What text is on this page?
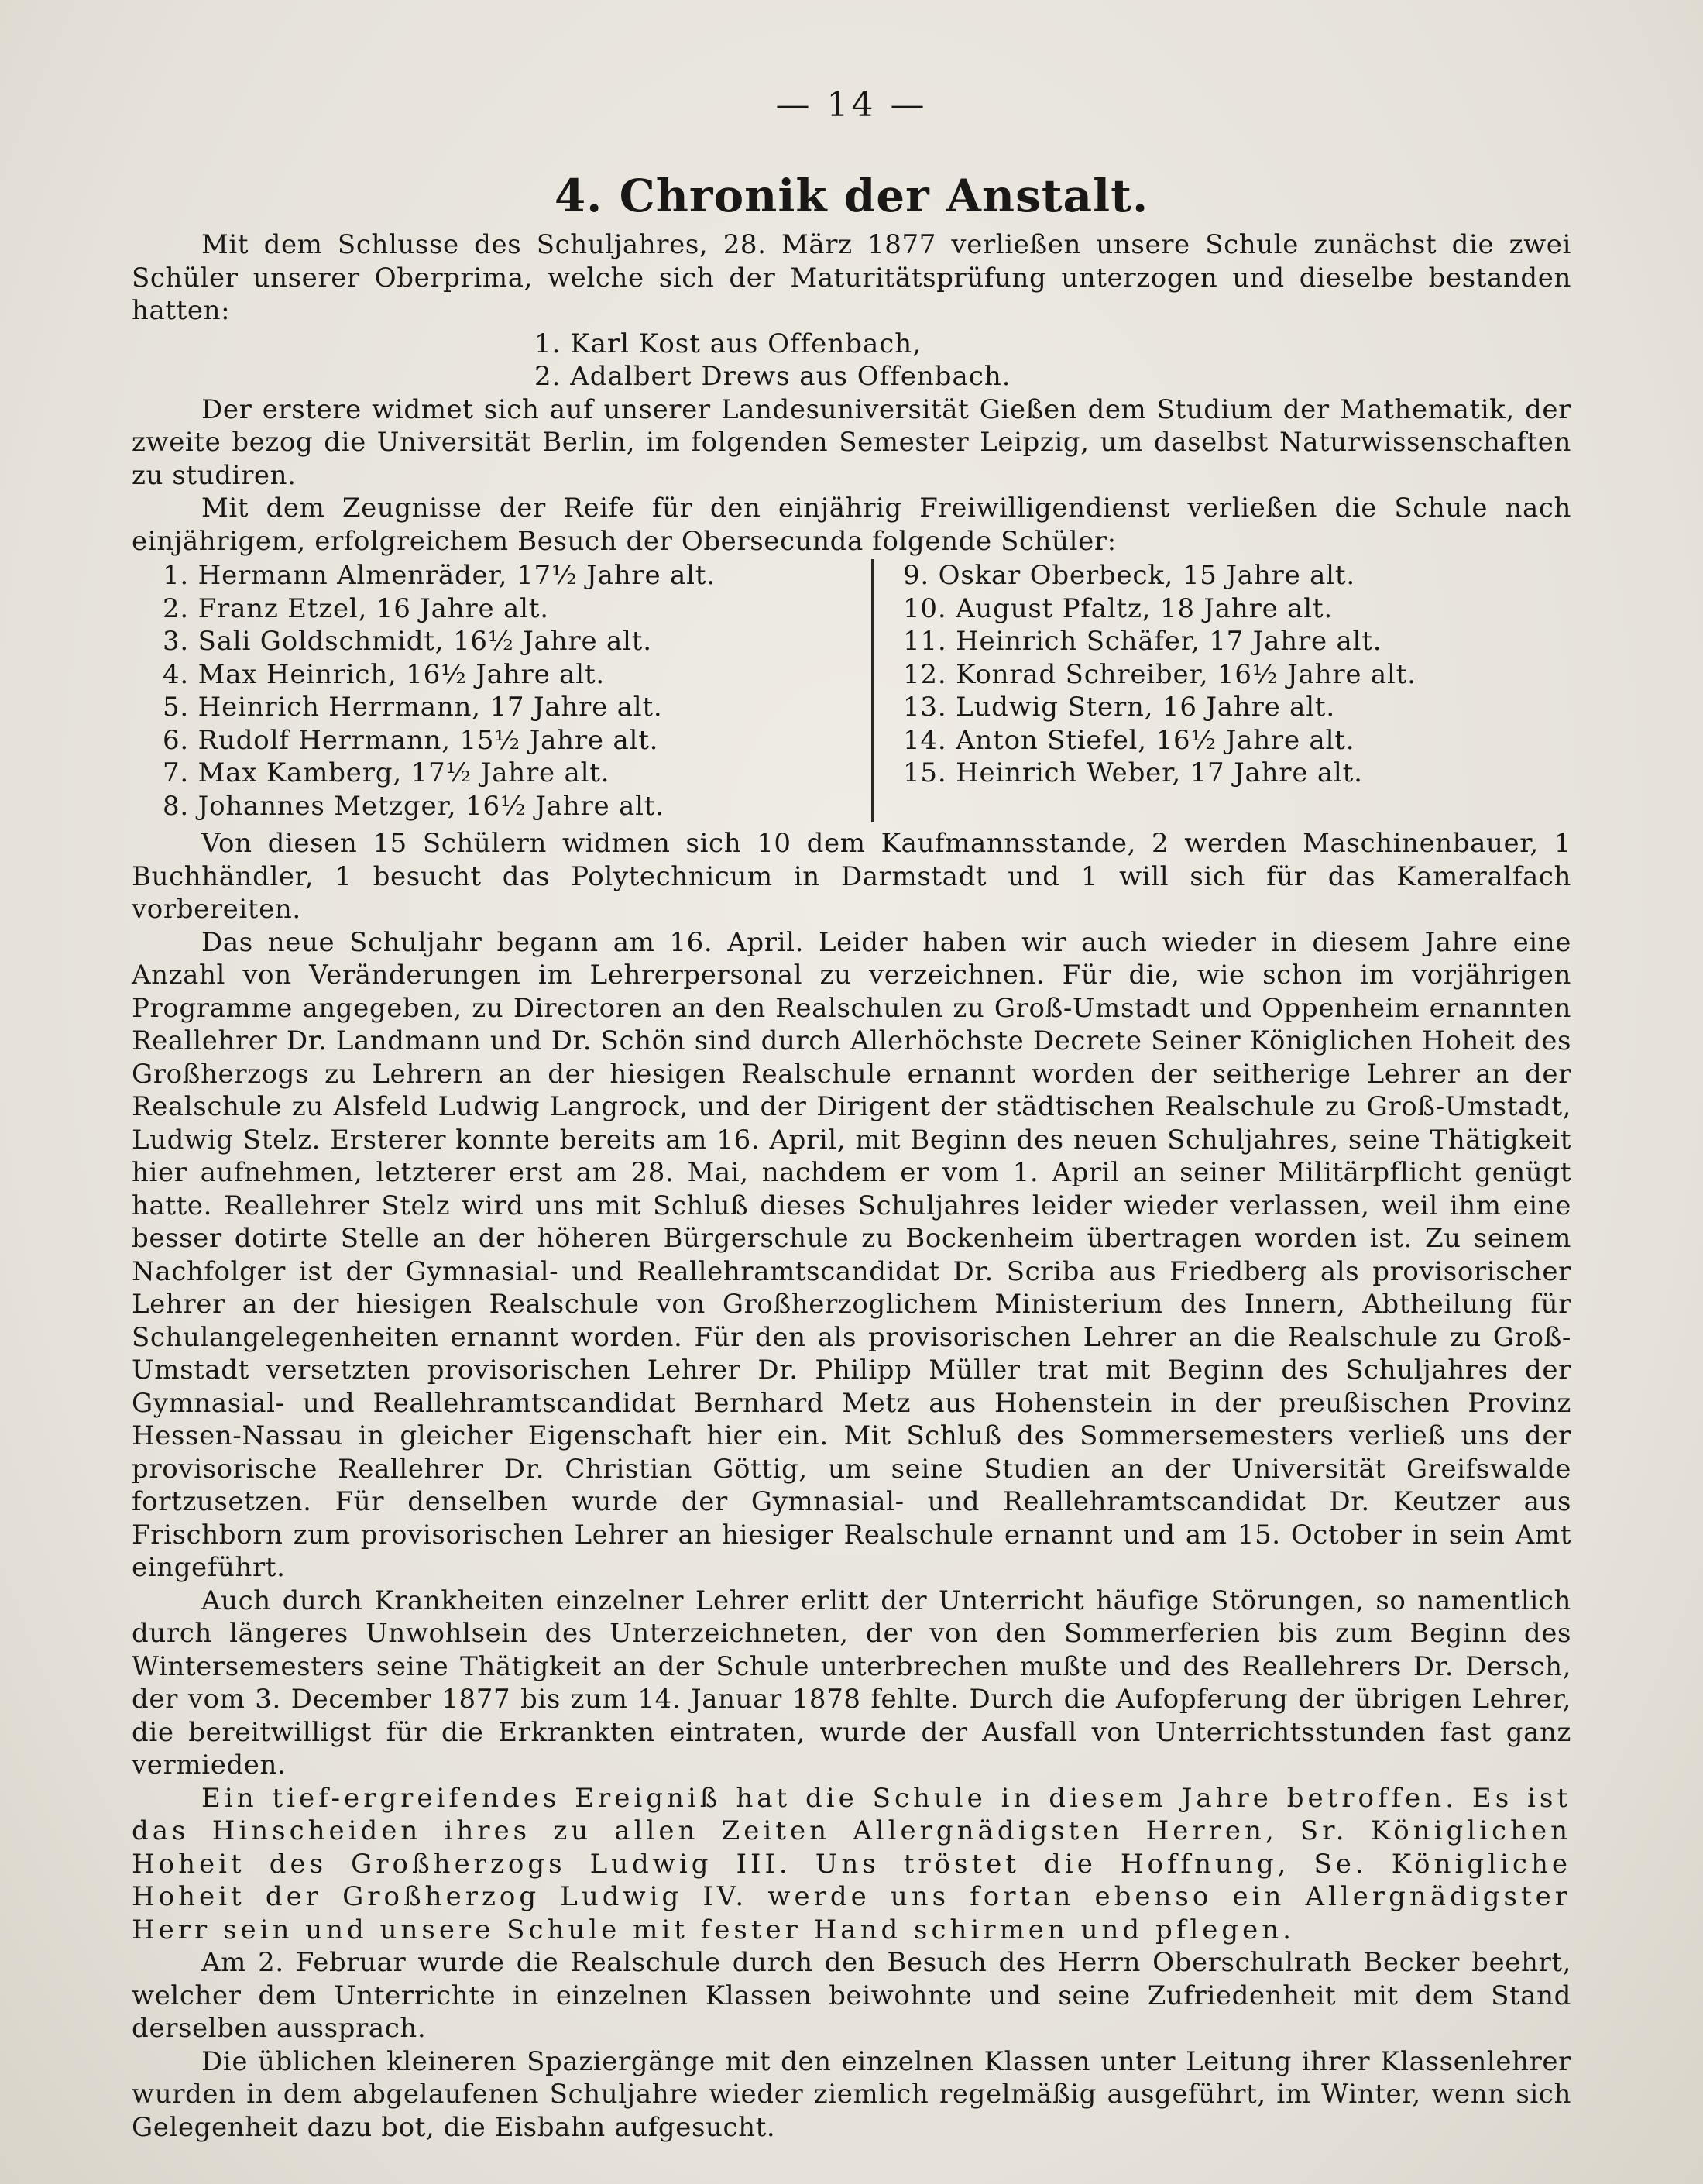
— 14 —
4. Chronik der Anstalt.

Mit dem Schlusse des Schuljahres, 28. März 1877 verließen unsere Schule zunächst die zwei Schüler unserer Oberprima, welche sich der Maturitätsprüfung unterzogen und dieselbe bestanden hatten:

1. Karl Kost aus Offenbach,
2. Adalbert Drews aus Offenbach.

Der erstere widmet sich auf unserer Landesuniversität Gießen dem Studium der Mathematik, der zweite bezog die Universität Berlin, im folgenden Semester Leipzig, um daselbst Naturwissenschaften zu studiren.

Mit dem Zeugnisse der Reife für den einjährig Freiwilligendienst verließen die Schule nach einjährigem, erfolgreichem Besuch der Obersecunda folgende Schüler:

1. Hermann Almenräder, 17½ Jahre alt.
2. Franz Etzel, 16 Jahre alt.
3. Sali Goldschmidt, 16½ Jahre alt.
4. Max Heinrich, 16½ Jahre alt.
5. Heinrich Herrmann, 17 Jahre alt.
6. Rudolf Herrmann, 15½ Jahre alt.
7. Max Kamberg, 17½ Jahre alt.
8. Johannes Metzger, 16½ Jahre alt.
9. Oskar Oberbeck, 15 Jahre alt.
10. August Pfaltz, 18 Jahre alt.
11. Heinrich Schäfer, 17 Jahre alt.
12. Konrad Schreiber, 16½ Jahre alt.
13. Ludwig Stern, 16 Jahre alt.
14. Anton Stiefel, 16½ Jahre alt.
15. Heinrich Weber, 17 Jahre alt.

Von diesen 15 Schülern widmen sich 10 dem Kaufmannsstande, 2 werden Maschinenbauer, 1 Buchhändler, 1 besucht das Polytechnicum in Darmstadt und 1 will sich für das Kameralfach vorbereiten.

Das neue Schuljahr begann am 16. April. Leider haben wir auch wieder in diesem Jahre eine Anzahl von Veränderungen im Lehrerpersonal zu verzeichnen. Für die, wie schon im vorjährigen Programme angegeben, zu Directoren an den Realschulen zu Groß-Umstadt und Oppenheim ernannten Reallehrer Dr. Landmann und Dr. Schön sind durch Allerhöchste Decrete Seiner Königlichen Hoheit des Großherzogs zu Lehrern an der hiesigen Realschule ernannt worden der seitherige Lehrer an der Realschule zu Alsfeld Ludwig Langrock, und der Dirigent der städtischen Realschule zu Groß-Umstadt, Ludwig Stelz. Ersterer konnte bereits am 16. April, mit Beginn des neuen Schuljahres, seine Thätigkeit hier aufnehmen, letzterer erst am 28. Mai, nachdem er vom 1. April an seiner Militärpflicht genügt hatte. Reallehrer Stelz wird uns mit Schluß dieses Schuljahres leider wieder verlassen, weil ihm eine besser dotirte Stelle an der höheren Bürgerschule zu Bockenheim übertragen worden ist. Zu seinem Nachfolger ist der Gymnasial- und Reallehramtscandidat Dr. Scriba aus Friedberg als provisorischer Lehrer an der hiesigen Realschule von Großherzoglichem Ministerium des Innern, Abtheilung für Schulangelegenheiten ernannt worden. Für den als provisorischen Lehrer an die Realschule zu Groß-Umstadt versetzten provisorischen Lehrer Dr. Philipp Müller trat mit Beginn des Schuljahres der Gymnasial- und Reallehramtscandidat Bernhard Metz aus Hohenstein in der preußischen Provinz Hessen-Nassau in gleicher Eigenschaft hier ein. Mit Schluß des Sommersemesters verließ uns der provisorische Reallehrer Dr. Christian Göttig, um seine Studien an der Universität Greifswalde fortzusetzen. Für denselben wurde der Gymnasial- und Reallehramtscandidat Dr. Keutzer aus Frischborn zum provisorischen Lehrer an hiesiger Realschule ernannt und am 15. October in sein Amt eingeführt.

Auch durch Krankheiten einzelner Lehrer erlitt der Unterricht häufige Störungen, so namentlich durch längeres Unwohlsein des Unterzeichneten, der von den Sommerferien bis zum Beginn des Wintersemesters seine Thätigkeit an der Schule unterbrechen mußte und des Reallehrers Dr. Dersch, der vom 3. December 1877 bis zum 14. Januar 1878 fehlte. Durch die Aufopferung der übrigen Lehrer, die bereitwilligst für die Erkrankten eintraten, wurde der Ausfall von Unterrichtsstunden fast ganz vermieden.

Ein tief-ergreifendes Ereigniß hat die Schule in diesem Jahre betroffen. Es ist das Hinscheiden ihres zu allen Zeiten Allergnädigsten Herren, Sr. Königlichen Hoheit des Großherzogs Ludwig III. Uns tröstet die Hoffnung, Se. Königliche Hoheit der Großherzog Ludwig IV. werde uns fortan ebenso ein Allergnädigster Herr sein und unsere Schule mit fester Hand schirmen und pflegen.

Am 2. Februar wurde die Realschule durch den Besuch des Herrn Oberschulrath Becker beehrt, welcher dem Unterrichte in einzelnen Klassen beiwohnte und seine Zufriedenheit mit dem Stand derselben aussprach.

Die üblichen kleineren Spaziergänge mit den einzelnen Klassen unter Leitung ihrer Klassenlehrer wurden in dem abgelaufenen Schuljahre wieder ziemlich regelmäßig ausgeführt, im Winter, wenn sich Gelegenheit dazu bot, die Eisbahn aufgesucht.
